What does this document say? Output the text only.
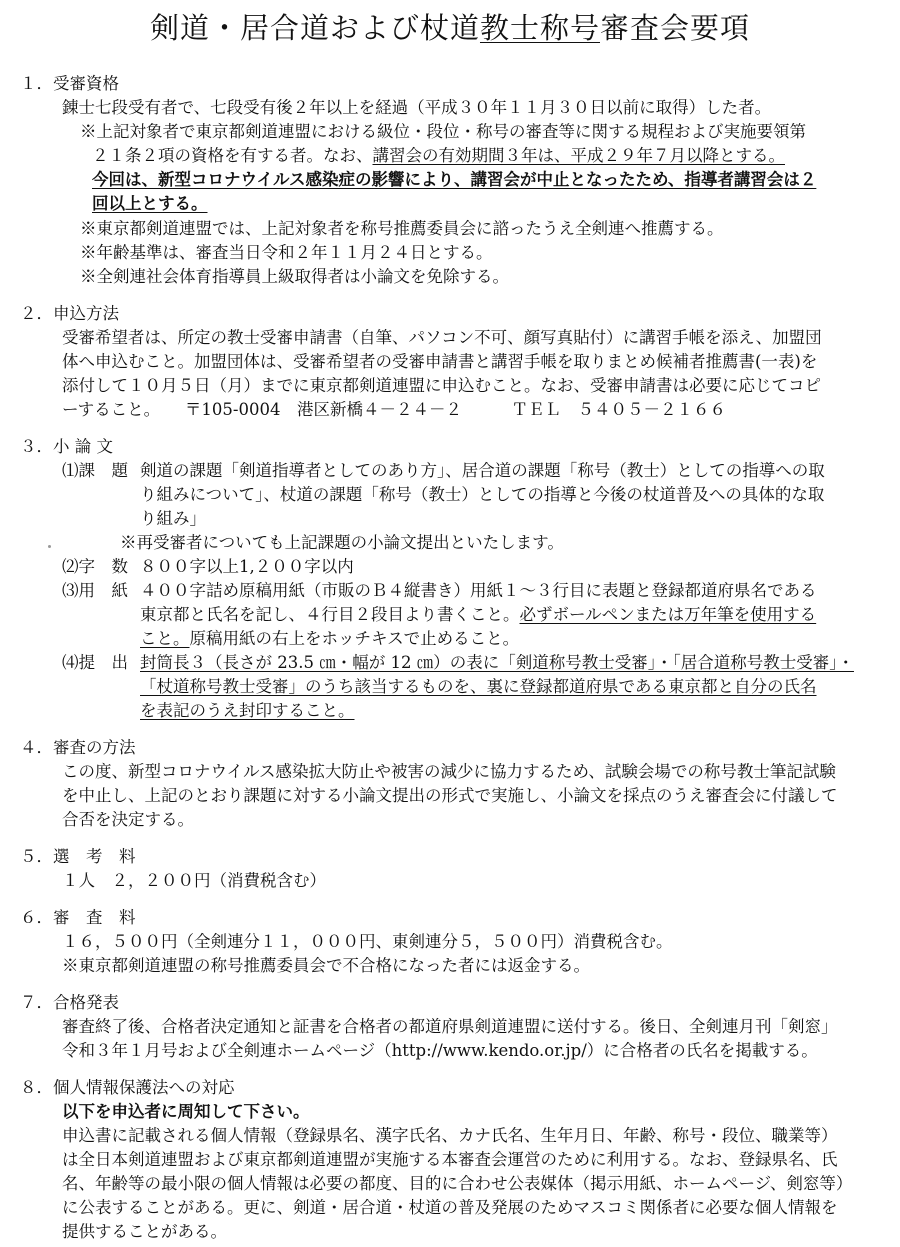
剣道・居合道および杖道教士称号審査会要項
１．受審資格
錬士七段受有者で、七段受有後２年以上を経過（平成３０年１１月３０日以前に取得）した者。
※上記対象者で東京都剣道連盟における級位・段位・称号の審査等に関する規程および実施要領第
２１条２項の資格を有する者。なお、講習会の有効期間３年は、平成２９年７月以降とする。
今回は、新型コロナウイルス感染症の影響により、講習会が中止となったため、指導者講習会は２
回以上とする。
※東京都剣道連盟では、上記対象者を称号推薦委員会に諮ったうえ全剣連へ推薦する。
※年齢基準は、審査当日令和２年１１月２４日とする。
※全剣連社会体育指導員上級取得者は小論文を免除する。
２．申込方法
受審希望者は、所定の教士受審申請書（自筆、パソコン不可、顔写真貼付）に講習手帳を添え、加盟団
体へ申込むこと。加盟団体は、受審希望者の受審申請書と講習手帳を取りまとめ候補者推薦書(一表)を
添付して１０月５日（月）までに東京都剣道連盟に申込むこと。なお、受審申請書は必要に応じてコピ
ーすること。　　〒105-0004　港区新橋４－２４－２　　　ＴＥＬ　５４０５－２１６６
３．小 論 文
⑴課　題 剣道の課題「剣道指導者としてのあり方」、居合道の課題「称号（教士）としての指導への取
り組みについて」、杖道の課題「称号（教士）としての指導と今後の杖道普及への具体的な取
り組み」
※再受審者についても上記課題の小論文提出といたします。
⑵字　数 ８００字以上1,２００字以内
⑶用　紙 ４００字詰め原稿用紙（市販のＢ４縦書き）用紙１～３行目に表題と登録都道府県名である
東京都と氏名を記し、４行目２段目より書くこと。必ずボールペンまたは万年筆を使用する
こと。原稿用紙の右上をホッチキスで止めること。
⑷提　出 封筒長３（長さが 23.5 ㎝・幅が 12 ㎝）の表に「剣道称号教士受審」・「居合道称号教士受審」・
「杖道称号教士受審」のうち該当するものを、裏に登録都道府県である東京都と自分の氏名
を表記のうえ封印すること。
４．審査の方法
この度、新型コロナウイルス感染拡大防止や被害の減少に協力するため、試験会場での称号教士筆記試験
を中止し、上記のとおり課題に対する小論文提出の形式で実施し、小論文を採点のうえ審査会に付議して
合否を決定する。
５．選　考　料
１人　２，２００円（消費税含む）
６．審　査　料
１６，５００円（全剣連分１１，０００円、東剣連分５，５００円）消費税含む。
※東京都剣道連盟の称号推薦委員会で不合格になった者には返金する。
７．合格発表
審査終了後、合格者決定通知と証書を合格者の都道府県剣道連盟に送付する。後日、全剣連月刊「剣窓」
令和３年１月号および全剣連ホームページ（http://www.kendo.or.jp/）に合格者の氏名を掲載する。
８．個人情報保護法への対応
以下を申込者に周知して下さい。
申込書に記載される個人情報（登録県名、漢字氏名、カナ氏名、生年月日、年齢、称号・段位、職業等）
は全日本剣道連盟および東京都剣道連盟が実施する本審査会運営のために利用する。なお、登録県名、氏
名、年齢等の最小限の個人情報は必要の都度、目的に合わせ公表媒体（掲示用紙、ホームページ、剣窓等）
に公表することがある。更に、剣道・居合道・杖道の普及発展のためマスコミ関係者に必要な個人情報を
提供することがある。
